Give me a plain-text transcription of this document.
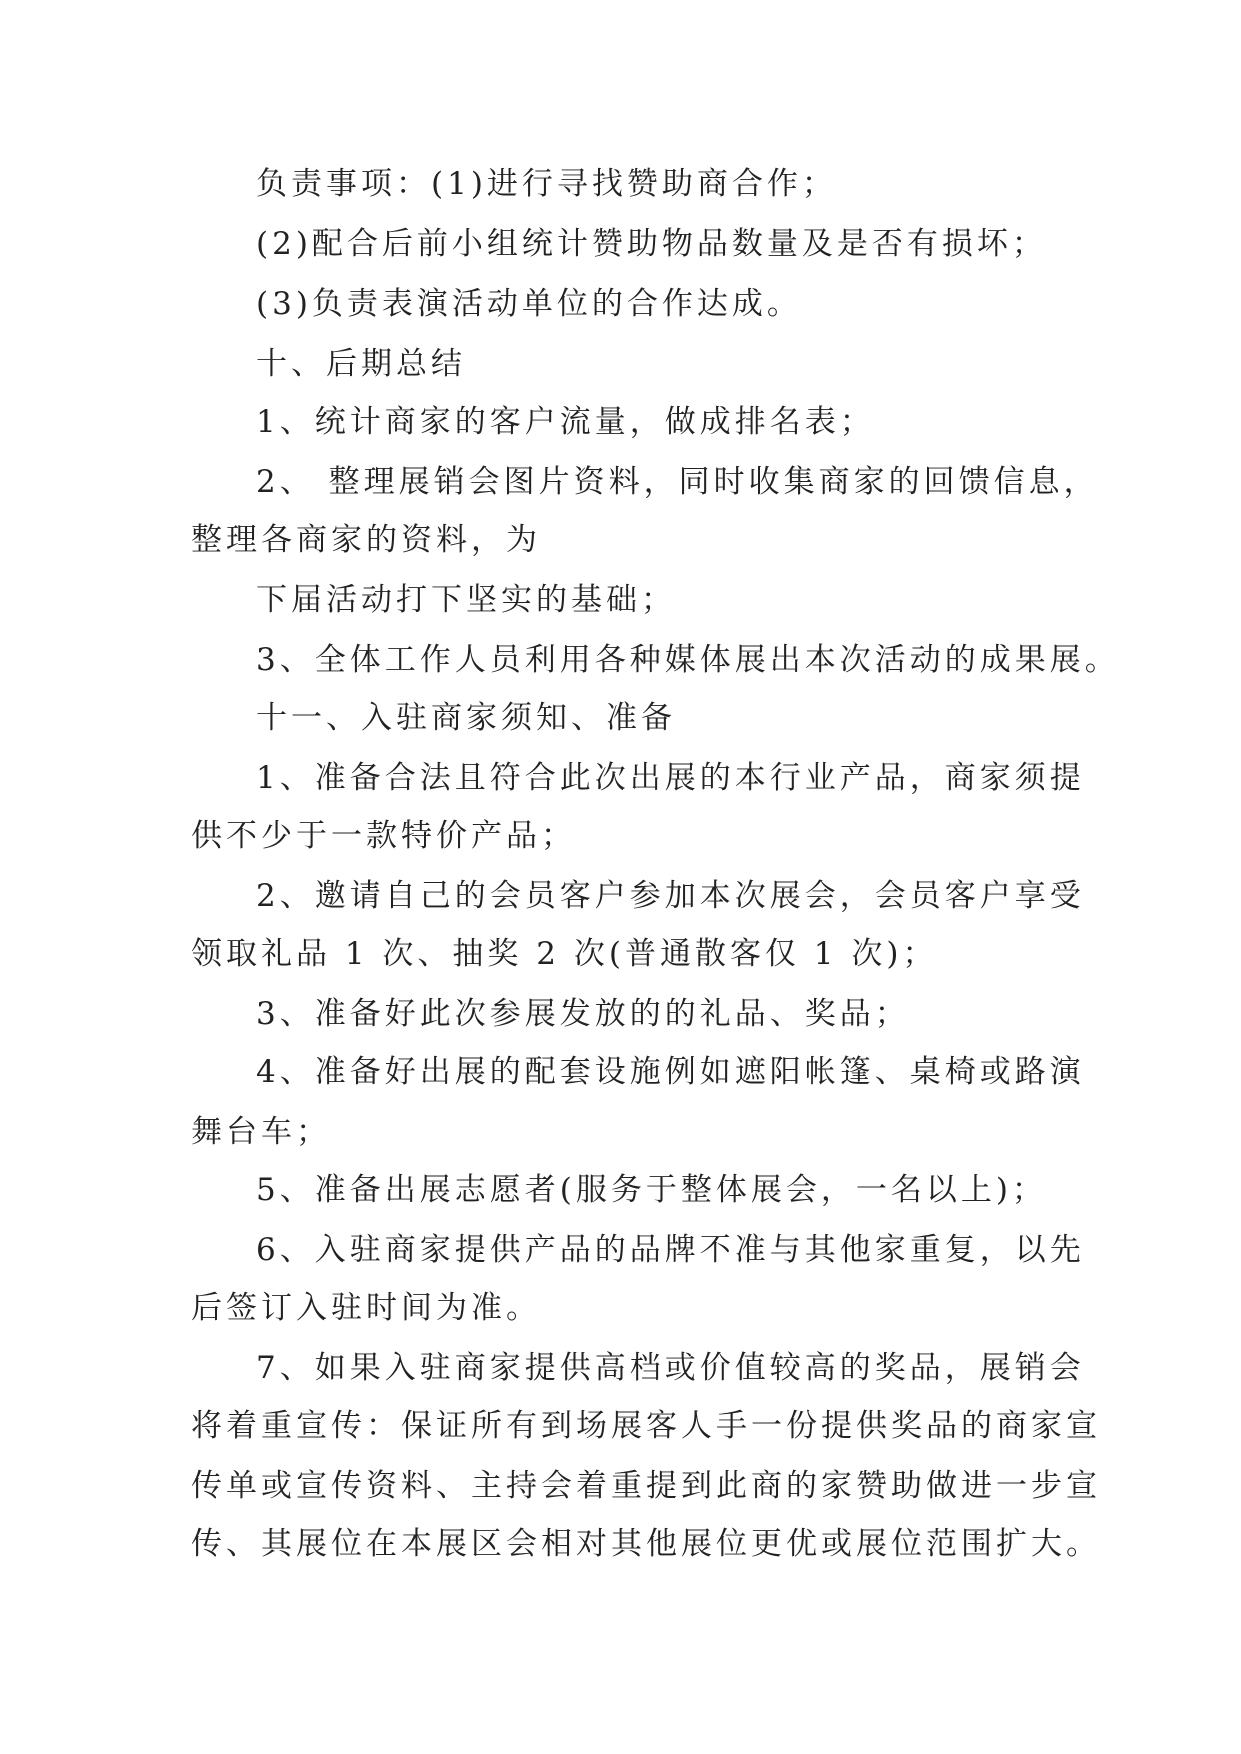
负责事项：(1)进行寻找赞助商合作；
(2)配合后前小组统计赞助物品数量及是否有损坏；
(3)负责表演活动单位的合作达成。
十、后期总结
1、统计商家的客户流量，做成排名表；
2、 整理展销会图片资料，同时收集商家的回馈信息，
整理各商家的资料，为
下届活动打下坚实的基础；
3、全体工作人员利用各种媒体展出本次活动的成果展。
十一、入驻商家须知、准备
1、准备合法且符合此次出展的本行业产品，商家须提
供不少于一款特价产品；
2、邀请自己的会员客户参加本次展会，会员客户享受
领取礼品 1 次、抽奖 2 次(普通散客仅 1 次)；
3、准备好此次参展发放的的礼品、奖品；
4、准备好出展的配套设施例如遮阳帐篷、桌椅或路演
舞台车；
5、准备出展志愿者(服务于整体展会，一名以上)；
6、入驻商家提供产品的品牌不准与其他家重复，以先
后签订入驻时间为准。
7、如果入驻商家提供高档或价值较高的奖品，展销会
将着重宣传：保证所有到场展客人手一份提供奖品的商家宣
传单或宣传资料、主持会着重提到此商的家赞助做进一步宣
传、其展位在本展区会相对其他展位更优或展位范围扩大。
